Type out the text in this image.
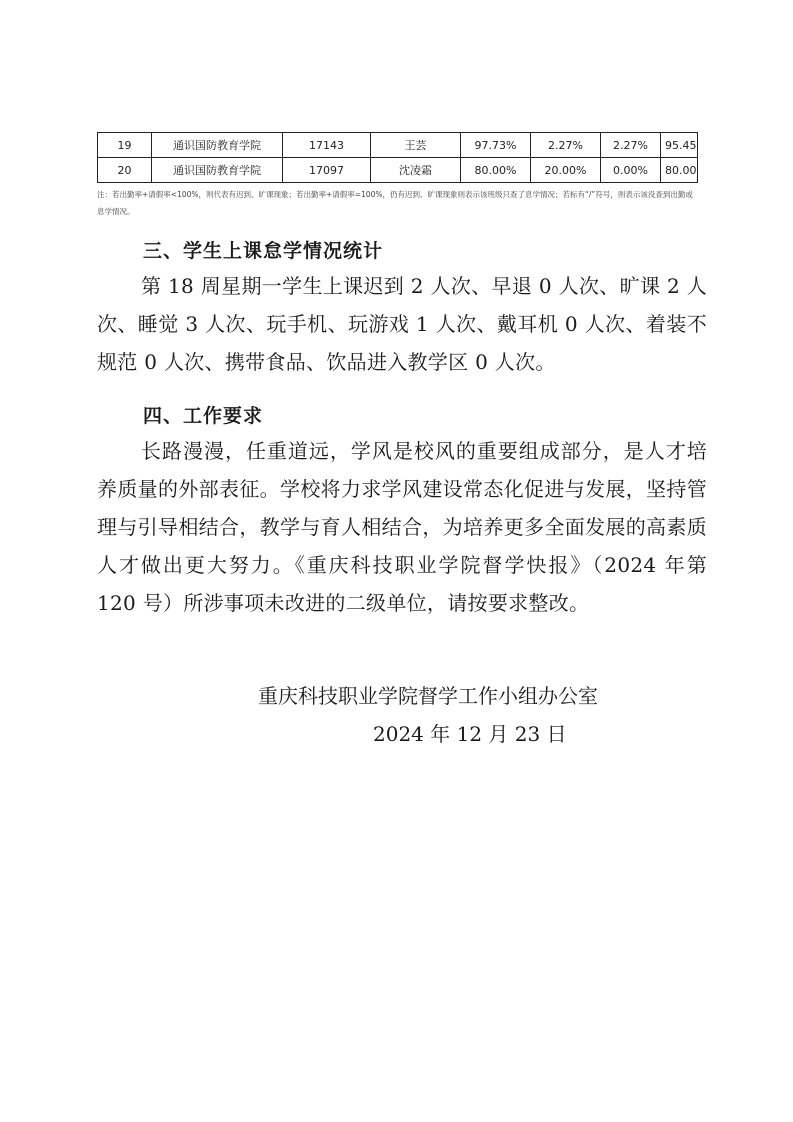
19	通识国防教育学院	17143	王芸	97.73%	2.27%	2.27%	95.45
20	通识国防教育学院	17097	沈凌霜	80.00%	20.00%	0.00%	80.00
注：若出勤率+请假率<100%，则代表有迟到、旷课现象；若出勤率+请假率=100%，仍有迟到、旷课现象则表示该班级只查了息学情况；若标有“/”符号，则表示该没查到出勤或息学情况。
三、学生上课怠学情况统计
第 18 周星期一学生上课迟到 2 人次、早退 0 人次、旷课 2 人次、睡觉 3 人次、玩手机、玩游戏 1 人次、戴耳机 0 人次、着装不规范 0 人次、携带食品、饮品进入教学区 0 人次。
四、工作要求
长路漫漫，任重道远，学风是校风的重要组成部分，是人才培养质量的外部表征。学校将力求学风建设常态化促进与发展，坚持管理与引导相结合，教学与育人相结合，为培养更多全面发展的高素质人才做出更大努力。《重庆科技职业学院督学快报》（2024 年第 120 号）所涉事项未改进的二级单位，请按要求整改。
重庆科技职业学院督学工作小组办公室
2024 年 12 月 23 日
